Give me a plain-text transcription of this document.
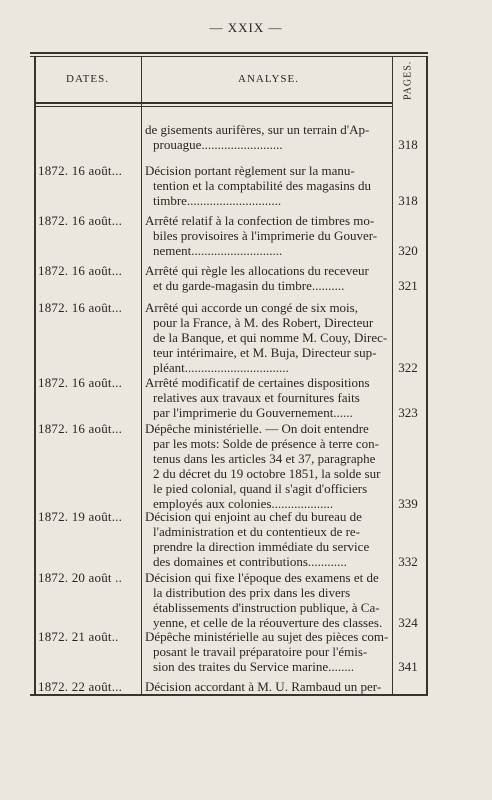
— XXIX —
DATES.	ANALYSE.	PAGES.
de gisements aurifères, sur un terrain d'Ap-
prouague.........................	318
1872. 16 août...	Décision portant règlement sur la manu-
tention et la comptabilité des magasins du
timbre.............................	318
1872. 16 août...	Arrêté relatif à la confection de timbres mo-
biles provisoires à l'imprimerie du Gouver-
nement............................	320
1872. 16 août...	Arrêté qui règle les allocations du receveur
et du garde-magasin du timbre..........	321
1872. 16 août...	Arrêté qui accorde un congé de six mois,
pour la France, à M. des Robert, Directeur
de la Banque, et qui nomme M. Couy, Direc-
teur intérimaire, et M. Buja, Directeur sup-
pléant................................	322
1872. 16 août...	Arrêté modificatif de certaines dispositions
relatives aux travaux et fournitures faits
par l'imprimerie du Gouvernement......	323
1872. 16 août...	Dépêche ministérielle. — On doit entendre
par les mots: Solde de présence à terre con-
tenus dans les articles 34 et 37, paragraphe
2 du décret du 19 octobre 1851, la solde sur
le pied colonial, quand il s'agit d'officiers
employés aux colonies...................	339
1872. 19 août...	Décision qui enjoint au chef du bureau de
l'administration et du contentieux de re-
prendre la direction immédiate du service
des domaines et contributions............	332
1872. 20 août ..	Décision qui fixe l'époque des examens et de
la distribution des prix dans les divers
établissements d'instruction publique, à Ca-
yenne, et celle de la réouverture des classes.	324
1872. 21 août..	Dépêche ministérielle au sujet des pièces com-
posant le travail préparatoire pour l'émis-
sion des traites du Service marine........	341
1872. 22 août...	Décision accordant à M. U. Rambaud un per-
